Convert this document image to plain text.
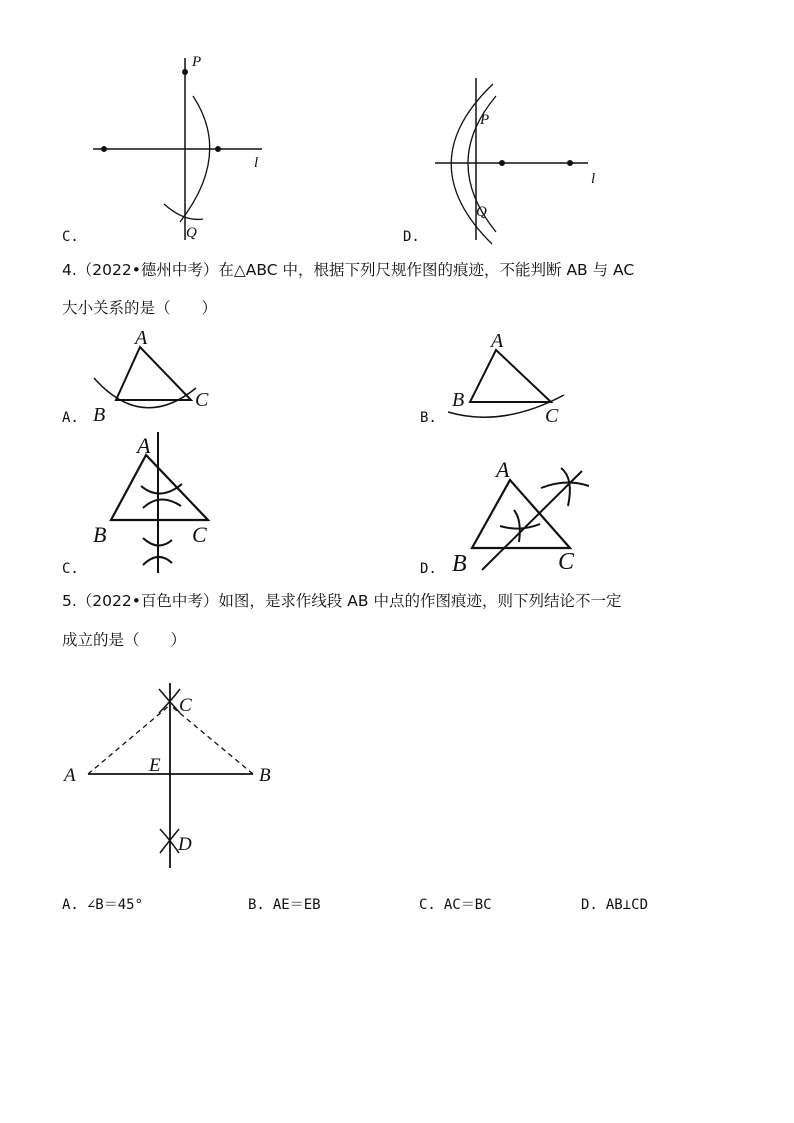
P
Q
l
C.
P
Q
l
D.
4.（2022•德州中考）在△ABC 中，根据下列尺规作图的痕迹，不能判断 AB 与 AC
大小关系的是（　　）
A
B
C
A.
A
B
C
B.
A
B	C
C.
A
B	C
D.
5.（2022•百色中考）如图，是求作线段 AB 中点的作图痕迹，则下列结论不一定
成立的是（　　）
A	B
C
D
E
A. ∠B＝45°	B. AE＝EB	C. AC＝BC	D. AB⊥CD
